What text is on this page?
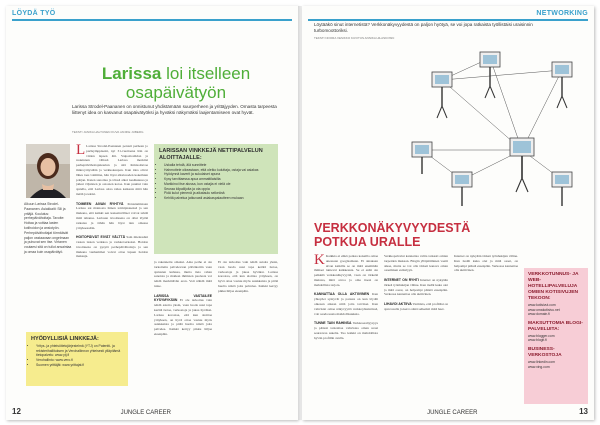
LÖYDÄ TYÖ
Larissa loi itselleen osapäivätyön
Larissa Strodel-Paananen on onnistunut yhdistämään suurperheen ja yrittäjyyden. Omasta tarpeesta liittenyt idea on kasvanut osapäivätyöksi ja hyväksi näkymäksi laajentamiseen ovat hyvät.
TEKSTI JANIKA HALTUNEN KUVA JANIKE JUBERG
Alkuun Larissa Strodel-Paananen. Asiakkaiti: Sili ja yritäjä. Koulutus: perhepäivähoitaja. Tavoite: Hoitaa ja voittaa lasten kotihoidon ja ansiotyön. Perhepäivähoitajat törmäävät paljon vastaavaan ongelmaan ja puhuvat sen itse. Virtanen voutaesi sitä on tullut ansaintaa ja omaa kuin osapäivätyö.
L Larissa Strodel-Paananen perusti perheen jo parikymppisenä, nyt 31-vuotiaana hän on viiden lapsen äiti. Vaipanvaihdon ja ruokinnan välissä Larissa merkitsi perhepäivähoitajakoulun ja sitä ihmisoituvaa mikroyritystään ja verkkokaupan. Kun idea olivat lähes taas valmiina, hän löysi alkuvuoden kokeiluun pohjan. Kuten sanottua ja töissä alkoi kesäkuussa ja jatkui viljaisten ja ostosten kotoa. Kun puuttui vain ajatella, että Larissa ottaa rahaa kaikesta mitä hän tietää ja tekisi.

TOIMEEN AIVAN RYHTYÄ Perustamistaan Larissa sai mainosta hänen toimipisteensä ja sen mukana, että kaikki sen kansainväliset voivat tehdä mitä tahansa. Larissan tavoitteena on ollut löytää ratkaisu ja tähän hän löysi tien omassa yrityksessään.

HOITOPÄIVÄT EIVÄT VÄLTTÄ Sain mielessäni vasten lasten verkkoa ja verkkoverkoksi. Hoidon tavoitteena on pysytä perhepäivähoitaja ja sen mukana vanhemmat voivat ottaa lapsen hoidon maksuja.
LARISSAN VINKKEJÄ NETTIPALVELUN ALOITTAJALLE:
• Uskalla tehdä, älä sunnittele
• Hahmottele oikeastaan, että oletko kuluttaja, ostaja vai asiakas
• Hyödynnä kaverit ja sukulaiset apuna
• Kysy tarvittaessa apua ammattilaisilta
• Markkinoi itse alussa, kun ostajia ei vielä ole
• Seuraa kilpailijoita ja ota oppia
• Pidä kulut pienenä ja aikataulu selkeänä
• Kehitä palvelua jatkuvasti asiakaspalautteen mukaan
ja rakennettu omaksi. Aina perhe ei ole tarkoitettu palvelevaan päiväkotiin vaan ajatusten kulussa, mutta tieto rahan sanoista ja matkan ihmisten puolesta voi tehdä merkittävän eron. Voit nähdä mitä tulee.

LARISSA VASTAILEE KYSYMYKSIIN Ei ole tarkoitus vain tehdä asioita yksin, vaan luoda uusi tapa kerätä tietoa, verkostoja ja jakaa hyväksi. Larissa korostaa, että kun aloittaa yrityksen, on hyvä ottaa vastuu myös asiakkaista ja pitää huolta niistä joita palvelee. Kaikki kertyy pikku hiljaa eteenpäin.
Ei ole tarkoitus vain tehdä asioita yksin, vaan luoda uusi tapa kerätä tietoa, verkostoja ja jakaa hyväksi. Larissa korostaa, että kun aloittaa yrityksen, on hyvä ottaa vastuu myös asiakkaista ja pitää huolta niistä joita palvelee. Kaikki kertyy pikku hiljaa eteenpäin.
HYÖDYLLISIÄ LINKKEJÄ:
• Yritys- ja yhteisötietojärjestelmä (YTJ) on Patentti- ja rekisterihallituksen ja Verohallinnon yhteisesti ylläpitämä tietopalvelu: www.ytj.fi
• Verohallinto: www.vero.fi
• Suomen yrittäjät: www.yrittajat.fi
12	JUNGLE CAREER
NETWORKING
Löytääkö sinut internetistä? Verkkonäkyvyydestä on paljon hyötyä, se voi jopa ratkaista työllistäisi uraisinnin turbomoottoriksi.
TEKSTI NOORA VESIKKO KUVITUS ANNIKA HILASKOSKI
VERKKONÄKYVYYDESTÄ POTKUA URALLE
K Kaikkia ei ehkä poikaa kokeilla omaa unessaan googlaamaan. Ei ainakaan aivan kaikille se on mitä enemmän ihmiset tuntevat kaikkeusta. Se ei enää ole pelkkää verkkonäkyvyyttä, vaan on tärkeää muistaa, mitä arvoa ja oma itsesi on mahdollista tarjota.

KANNATTAA OLLA AKTIIVINEN Kun yhteydet syntyvät ja parasta on kun löydät oikeaan aikaan niitä joita tarvitset. Kun vahvistat omaa näkyvyyttä verkkoyhteisöissä, voit saada uusia mahdollisuuksia.

TUNNE TAIN RAHINSA Verkkosaaliyysyys ja päässä tarkoittaa vahvistaa oman urasi seuraavaa askelta. Tuo kaikki on mahdollista hyvän profiilin avulla.
Verkkopalvelut kannattaa valita tarkasti omien tarpeiden mukaan. Blogin ylläpitäminen vaatii aikaa, mutta se voi olla tärkeä kanava oman osaamisen esittelyyn.

INTERNET ON RYHTI Internet on nykyään tärkeä työnhakijan väline. Kun tiedät kuka olet ja mitä osaat, on helpompi päästä eteenpäin. Verkossa kannattaa olla aktiivinen.

LIHAVOI AKTIIVA Varmista, että profiilisi on ajan tasalla ja kerro siinä selkeästi mitä haet.
Internet on nykyään tärkeä työnhakijan väline. Kun tiedät kuka olet ja mitä osaat, on helpompi päästä eteenpäin. Verkossa kannattaa olla aktiivinen.
VERKKOTUNNUS- JA WEB-HOTELLIPALVELUJA OMIEN KOTISIVUJEN TEKOON:
www.kotisivut.com
www.omakotisivu.net
www.domain.fi
MAKSUTTOMIA BLOGI-PALVELUITA:
www.blogger.com
www.blogit.fi
BUSINESS-VERKOSTOJA
www.linkedin.com
www.xing.com
JUNGLE CAREER	13
